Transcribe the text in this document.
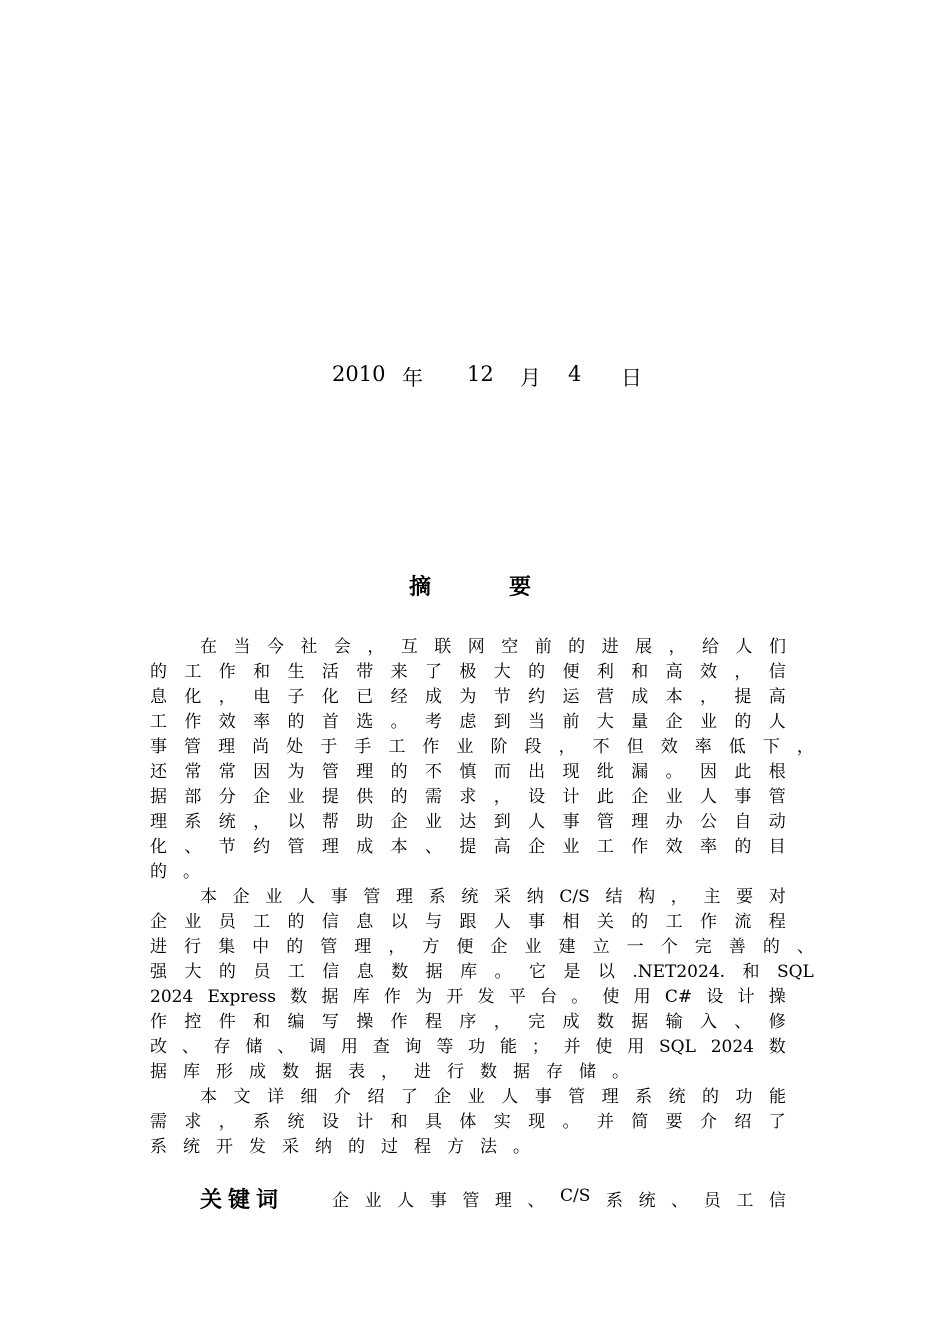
2010 年 12 月 4 日
摘	要
在 当 今 社 会 ， 互 联 网 空 前 的 进 展 ， 给 人 们
的 工 作 和 生 活 带 来 了 极 大 的 便 利 和 高 效 ， 信
息 化 ， 电 子 化 已 经 成 为 节 约 运 营 成 本 ， 提 高
工 作 效 率 的 首 选 。 考 虑 到 当 前 大 量 企 业 的 人
事 管 理 尚 处 于 手 工 作 业 阶 段 ， 不 但 效 率 低 下 ，
还 常 常 因 为 管 理 的 不 慎 而 出 现 纰 漏 。 因 此 根
据 部 分 企 业 提 供 的 需 求 ， 设 计 此 企 业 人 事 管
理 系 统 ， 以 帮 助 企 业 达 到 人 事 管 理 办 公 自 动
化 、 节 约 管 理 成 本 、 提 高 企 业 工 作 效 率 的 目
的 。
本 企 业 人 事 管 理 系 统 采 纳 C/S 结 构 ， 主 要 对
企 业 员 工 的 信 息 以 与 跟 人 事 相 关 的 工 作 流 程
进 行 集 中 的 管 理 ， 方 便 企 业 建 立 一 个 完 善 的 、
强 大 的 员 工 信 息 数 据 库 。 它 是 以 .NET2024. 和 SQL
2024 Express 数 据 库 作 为 开 发 平 台 。 使 用 C# 设 计 操
作 控 件 和 编 写 操 作 程 序 ， 完 成 数 据 输 入 、 修
改 、 存 储 、 调 用 查 询 等 功 能 ； 并 使 用 SQL 2024 数
据 库 形 成 数 据 表 ， 进 行 数 据 存 储 。
本 文 详 细 介 绍 了 企 业 人 事 管 理 系 统 的 功 能
需 求 ， 系 统 设 计 和 具 体 实 现 。 并 简 要 介 绍 了
系 统 开 发 采 纳 的 过 程 方 法 。
关键词	企 业 人 事 管 理 、 C/S 系 统 、 员 工 信
